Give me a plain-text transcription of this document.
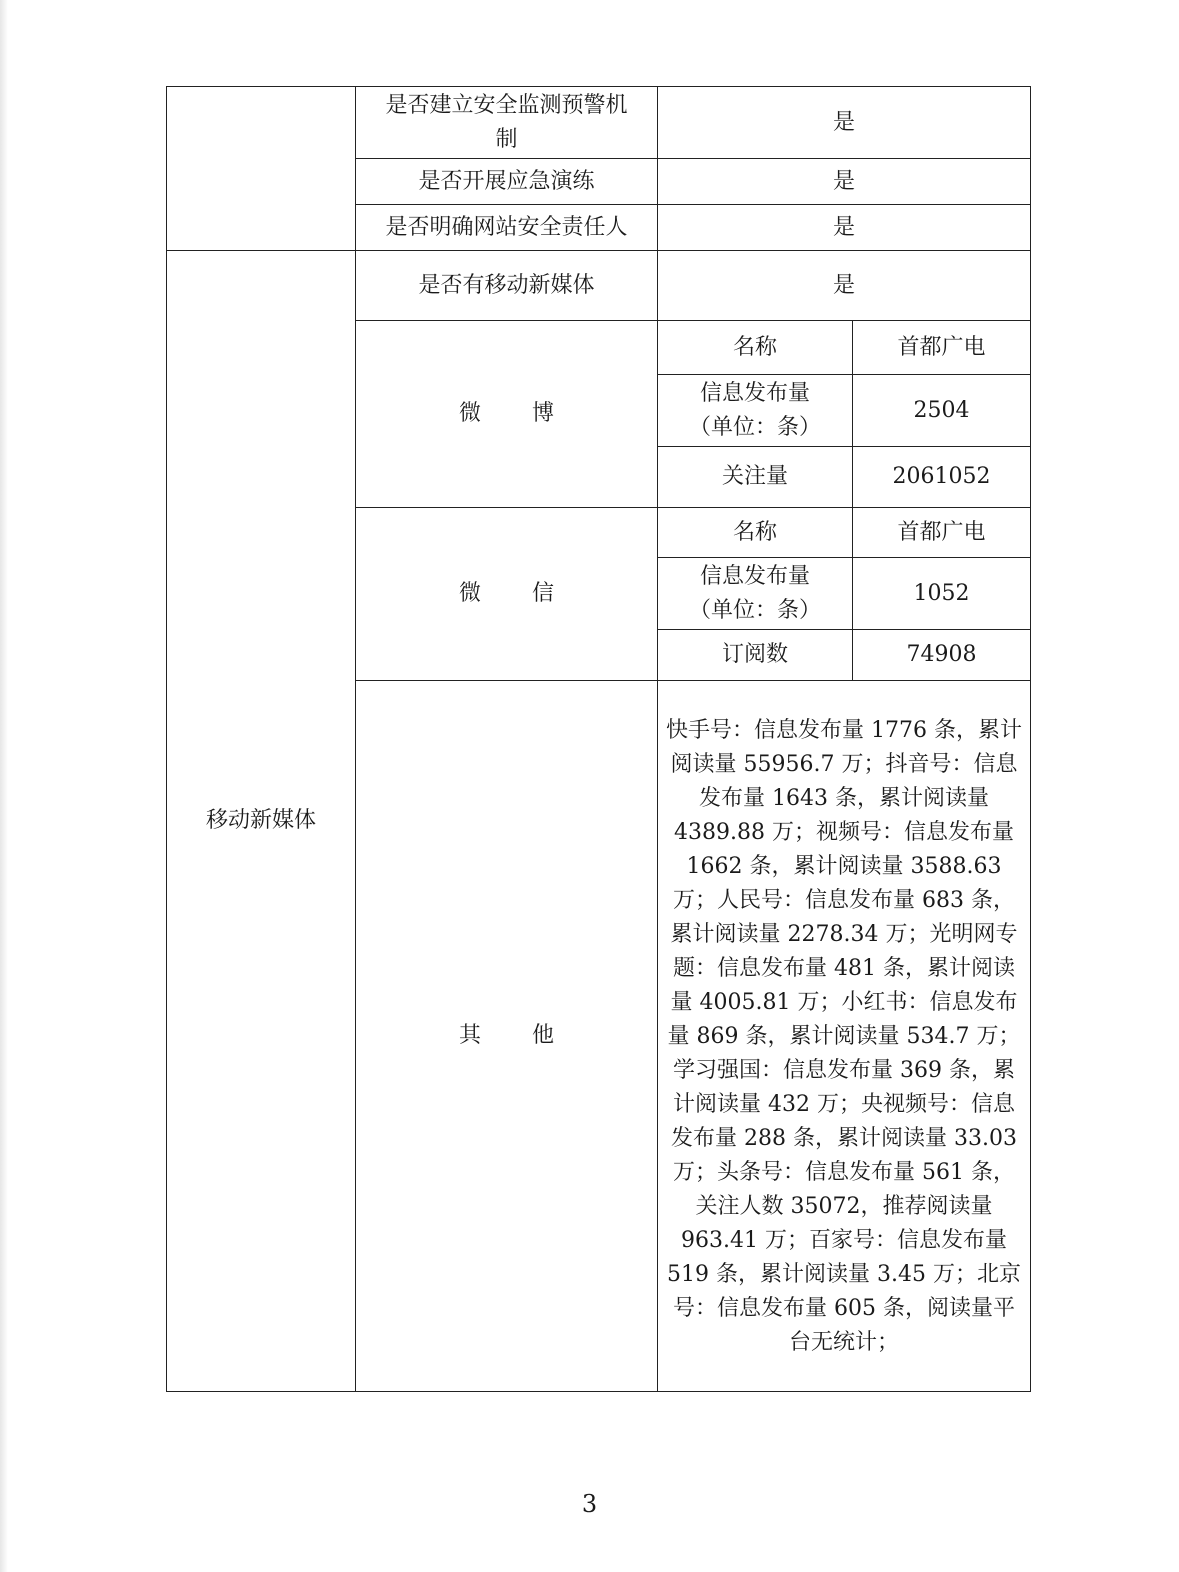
	是否建立安全监测预警机制	是	
	是否开展应急演练	是	
	是否明确网站安全责任人	是	
移动新媒体	是否有移动新媒体	是	
	微 博	名称	首都广电
		信息发布量（单位：条）	2504
		关注量	2061052
	微 信	名称	首都广电
		信息发布量（单位：条）	1052
		订阅数	74908
	其 他	快手号：信息发布量 1776 条，累计阅读量 55956.7 万；抖音号：信息发布量 1643 条，累计阅读量 4389.88 万；视频号：信息发布量 1662 条，累计阅读量 3588.63 万；人民号：信息发布量 683 条，累计阅读量 2278.34 万；光明网专题：信息发布量 481 条，累计阅读量 4005.81 万；小红书：信息发布量 869 条，累计阅读量 534.7 万；学习强国：信息发布量 369 条，累计阅读量 432 万；央视频号：信息发布量 288 条，累计阅读量 33.03 万；头条号：信息发布量 561 条，关注人数 35072，推荐阅读量 963.41 万；百家号：信息发布量 519 条，累计阅读量 3.45 万；北京号：信息发布量 605 条，阅读量平台无统计；	
3
